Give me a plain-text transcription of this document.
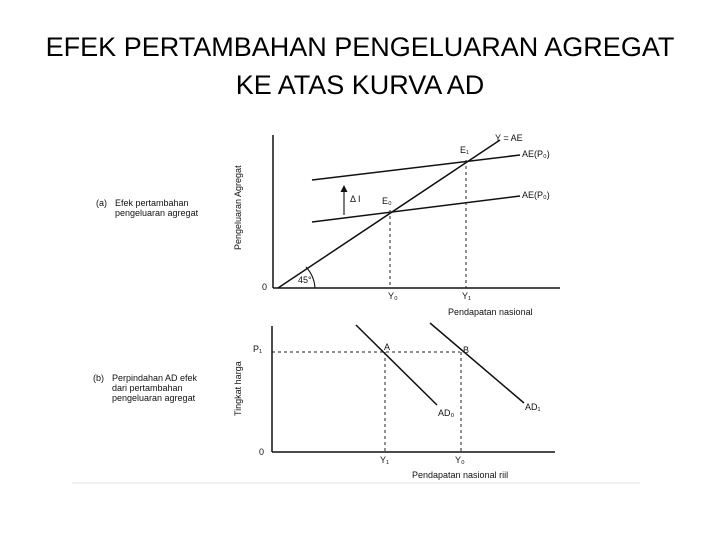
EFEK PERTAMBAHAN PENGELUARAN AGREGAT
KE ATAS KURVA AD
(a) Efek pertambahan
pengeluaran agregat	Pengeluaran Agregat
0
Y = AE
45°
AE(P₀)
AE(P₀)
Δ I
E₁
E₀
Y₀	Y₁
Pendapatan nasional
(b) Perpindahan AD efek
dari pertambahan
pengeluaran agregat	Tingkat harga
0
P₁
AD₀
AD₁
A	B
Y₁	Y₀
Pendapatan nasional riil
